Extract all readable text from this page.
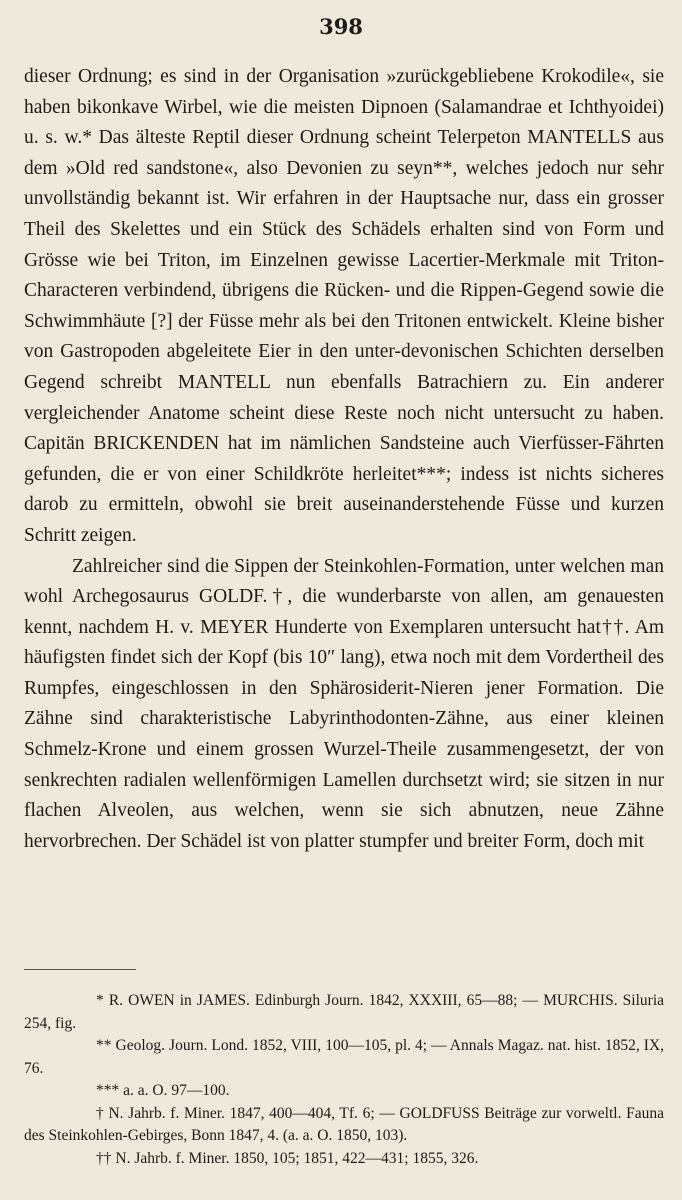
398

dieser Ordnung; es sind in der Organisation »zurückgebliebene Krokodile«, sie haben bikonkave Wirbel, wie die meisten Dipnoen (Salamandrae et Ichthyoidei) u. s. w.* Das älteste Reptil dieser Ordnung scheint Telerpeton MANTELLS aus dem »Old red sandstone«, also Devonien zu seyn**, welches jedoch nur sehr unvollständig bekannt ist. Wir erfahren in der Hauptsache nur, dass ein grosser Theil des Skelettes und ein Stück des Schädels erhalten sind von Form und Grösse wie bei Triton, im Einzelnen gewisse Lacertier-Merkmale mit Triton-Characteren verbindend, übrigens die Rücken- und die Rippen-Gegend sowie die Schwimmhäute [?] der Füsse mehr als bei den Tritonen entwickelt. Kleine bisher von Gastropoden abgeleitete Eier in den unter-devonischen Schichten derselben Gegend schreibt MANTELL nun ebenfalls Batrachiern zu. Ein anderer vergleichender Anatome scheint diese Reste noch nicht untersucht zu haben. Capitän BRICKENDEN hat im nämlichen Sandsteine auch Vierfüsser-Fährten gefunden, die er von einer Schildkröte herleitet***; indess ist nichts sicheres darob zu ermitteln, obwohl sie breit auseinanderstehende Füsse und kurzen Schritt zeigen.

Zahlreicher sind die Sippen der Steinkohlen-Formation, unter welchen man wohl Archegosaurus GOLDF.†, die wunderbarste von allen, am genauesten kennt, nachdem H. v. MEYER Hunderte von Exemplaren untersucht hat††. Am häufigsten findet sich der Kopf (bis 10″ lang), etwa noch mit dem Vordertheil des Rumpfes, eingeschlossen in den Sphärosiderit-Nieren jener Formation. Die Zähne sind charakteristische Labyrinthodonten-Zähne, aus einer kleinen Schmelz-Krone und einem grossen Wurzel-Theile zusammengesetzt, der von senkrechten radialen wellenförmigen Lamellen durchsetzt wird; sie sitzen in nur flachen Alveolen, aus welchen, wenn sie sich abnutzen, neue Zähne hervorbrechen. Der Schädel ist von platter stumpfer und breiter Form, doch mit

* R. OWEN in JAMES. Edinburgh Journ. 1842, XXXIII, 65—88; — MURCHIS. Siluria 254, fig.

** Geolog. Journ. Lond. 1852, VIII, 100—105, pl. 4; — Annals Magaz. nat. hist. 1852, IX, 76.

*** a. a. O. 97—100.

† N. Jahrb. f. Miner. 1847, 400—404, Tf. 6; — GOLDFUSS Beiträge zur vorweltl. Fauna des Steinkohlen-Gebirges, Bonn 1847, 4. (a. a. O. 1850, 103).

†† N. Jahrb. f. Miner. 1850, 105; 1851, 422—431; 1855, 326.
